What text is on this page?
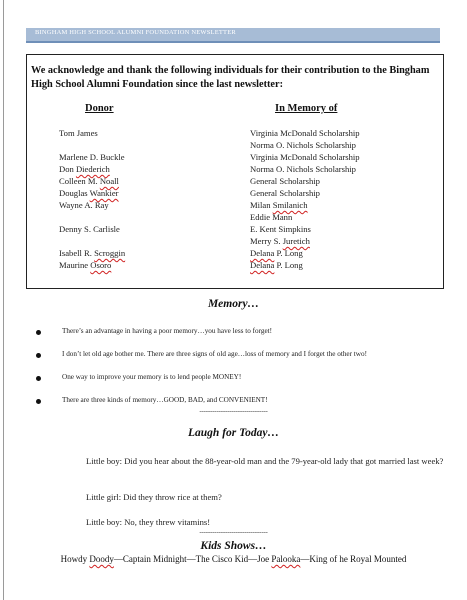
BINGHAM HIGH SCHOOL ALUMNI FOUNDATION NEWSLETTER
We acknowledge and thank the following individuals for their contribution to the Bingham High School Alumni Foundation since the last newsletter:
Donor	In Memory of
Tom James
Marlene D. Buckle
Don Diederich
Colleen M. Noall
Douglas Wankier
Wayne A. Ray
Denny S. Carlisle
Isabell R. Scroggin
Maurine Osoro
Virginia McDonald Scholarship
Norma O. Nichols Scholarship
Virginia McDonald Scholarship
Norma O. Nichols Scholarship
General Scholarship
General Scholarship
Milan Smilanich
Eddie Mann
E. Kent Simpkins
Merry S. Juretich
Delana P. Long
Delana P. Long
Memory…
There’s an advantage in having a poor memory…you have less to forget!
I don’t let old age bother me. There are three signs of old age…loss of memory and I forget the other two!
One way to improve your memory is to lend people MONEY!
There are three kinds of memory…GOOD, BAD, and CONVENIENT!
--------------------------------
Laugh for Today…
Little boy: Did you hear about the 88-year-old man and the 79-year-old lady that got married last week?
Little girl: Did they throw rice at them?
Little boy: No, they threw vitamins!
--------------------------------
Kids Shows…
Howdy Doody—Captain Midnight—The Cisco Kid—Joe Palooka—King of he Royal Mounted
